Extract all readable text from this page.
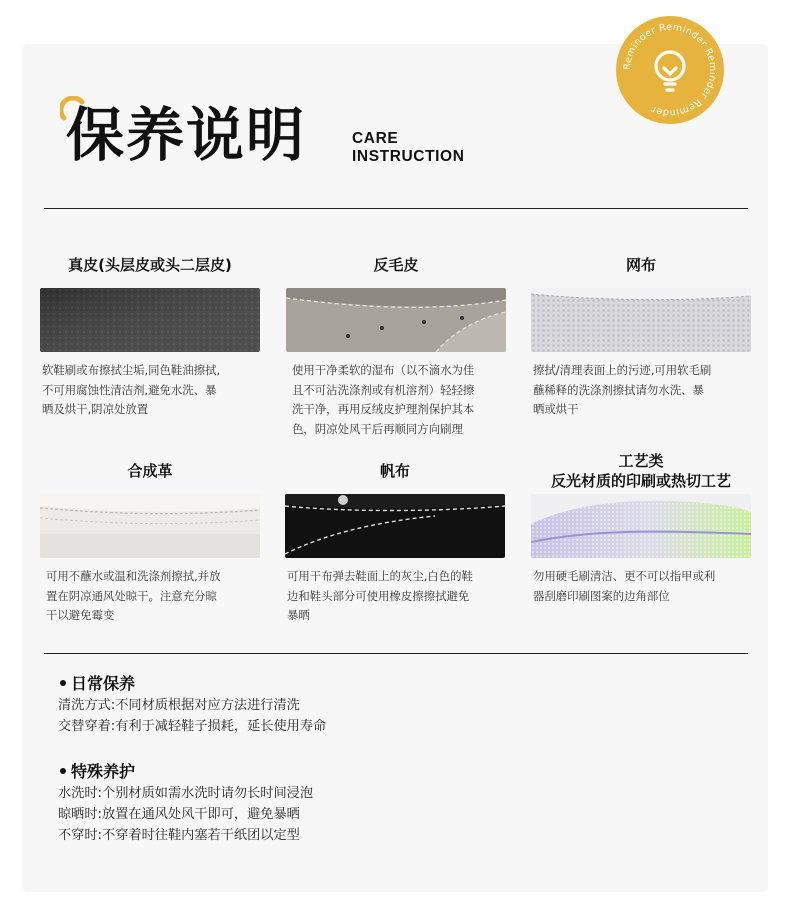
Reminder Reminder Reminder Reminder
保养说明	CARE
INSTRUCTION
真皮(头层皮或头二层皮)
软鞋刷或布擦拭尘垢,同色鞋油擦拭,
不可用腐蚀性清洁剂,避免水洗、暴
晒及烘干,阴凉处放置
反毛皮
使用干净柔软的湿布（以不滴水为佳
且不可沾洗涤剂或有机溶剂）轻轻擦
洗干净，再用反绒皮护理剂保护其本
色，阴凉处风干后再顺同方向刷理
网布
擦拭/清理表面上的污迹,可用软毛刷
蘸稀释的洗涤剂擦拭请勿水洗、暴
晒或烘干
合成革
可用不蘸水或温和洗涤剂擦拭,并放
置在阴凉通风处晾干。注意充分晾
干以避免霉变
帆布
可用干布弹去鞋面上的灰尘,白色的鞋
边和鞋头部分可使用橡皮擦擦拭避免
暴晒
工艺类
反光材质的印刷或热切工艺
勿用硬毛刷清洁、更不可以指甲或利
器刮磨印刷图案的边角部位
日常保养
清洗方式:不同材质根据对应方法进行清洗
交替穿着:有利于减轻鞋子损耗，延长使用寿命
特殊养护
水洗时:个别材质如需水洗时请勿长时间浸泡
晾晒时:放置在通风处风干即可，避免暴晒
不穿时:不穿着时往鞋内塞若干纸团以定型
